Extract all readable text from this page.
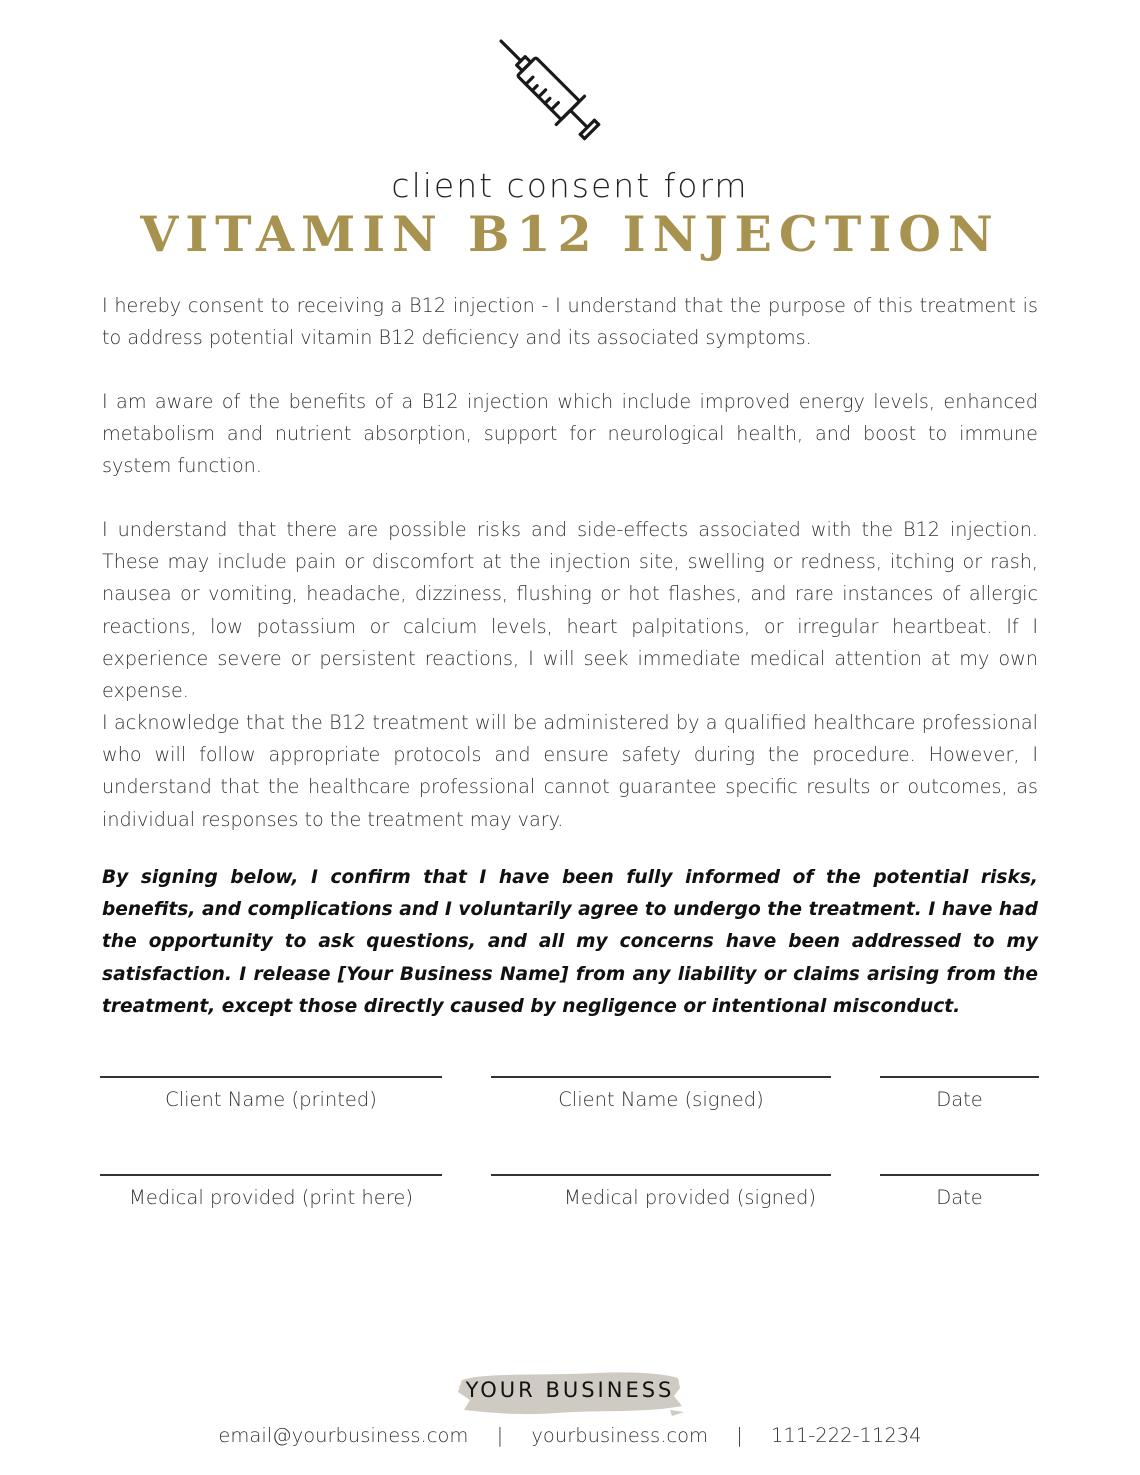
client consent form
VITAMIN B12 INJECTION

I hereby consent to receiving a B12 injection - I understand that the purpose of this treatment is to address potential vitamin B12 deficiency and its associated symptoms.

I am aware of the benefits of a B12 injection which include improved energy levels, enhanced metabolism and nutrient absorption, support for neurological health, and boost to immune system function.

I understand that there are possible risks and side-effects associated with the B12 injection. These may include pain or discomfort at the injection site, swelling or redness, itching or rash, nausea or vomiting, headache, dizziness, flushing or hot flashes, and rare instances of allergic reactions, low potassium or calcium levels, heart palpitations, or irregular heartbeat. If I experience severe or persistent reactions, I will seek immediate medical attention at my own expense.

I acknowledge that the B12 treatment will be administered by a qualified healthcare professional who will follow appropriate protocols and ensure safety during the procedure. However, I understand that the healthcare professional cannot guarantee specific results or outcomes, as individual responses to the treatment may vary.

By signing below, I confirm that I have been fully informed of the potential risks, benefits, and complications and I voluntarily agree to undergo the treatment. I have had the opportunity to ask questions, and all my concerns have been addressed to my satisfaction. I release [Your Business Name] from any liability or claims arising from the treatment, except those directly caused by negligence or intentional misconduct.

Client Name (printed)	Client Name (signed)	Date
Medical provided (print here)	Medical provided (signed)	Date
YOUR BUSINESS
email@yourbusiness.com | yourbusiness.com | 111-222-11234
